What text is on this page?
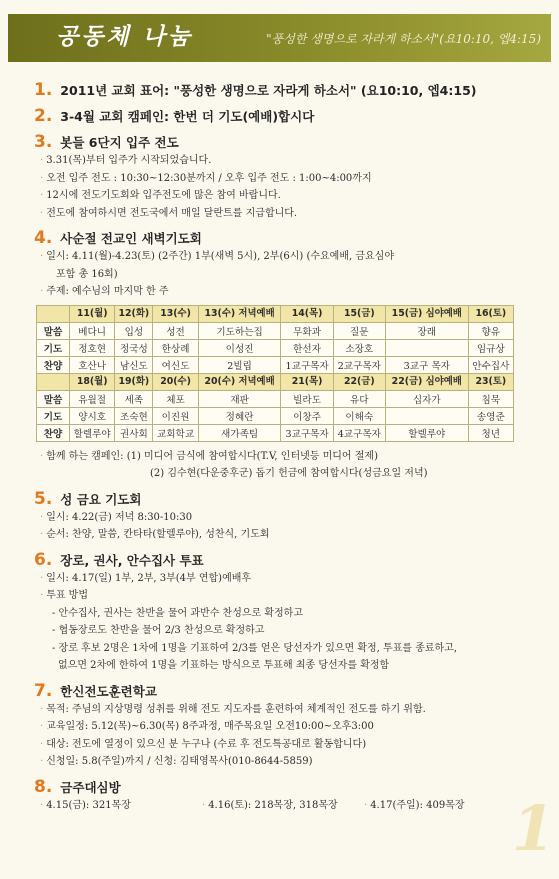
공동체 나눔	"풍성한 생명으로 자라게 하소서"(요10:10, 엡4:15)
1. 2011년 교회 표어: "풍성한 생명으로 자라게 하소서" (요10:10, 엡4:15)
2. 3-4월 교회 캠페인: 한번 더 기도(예배)합시다
3. 봇들 6단지 입주 전도
· 3.31(목)부터 입주가 시작되었습니다.
· 오전 입주 전도 : 10:30~12:30분까지 / 오후 입주 전도 : 1:00~4:00까지
· 12시에 전도기도회와 입주전도에 많은 참여 바랍니다.
· 전도에 참여하시면 전도국에서 매일 달란트를 지급합니다.
4. 사순절 전교인 새벽기도회
· 일시: 4.11(월)-4.23(토) (2주간) 1부(새벽 5시), 2부(6시) (수요예배, 금요심야
포함 총 16회)
· 주제: 예수님의 마지막 한 주
	11(월)	12(화)	13(수)	13(수) 저녁예배	14(목)	15(금)	15(금) 심야예배	16(토)
말씀	베다니	입성	성전	기도하는집	무화과	질문	장래	향유
기도	정호현	정국성	한상례	이성진	한선자	소장호		임규상
찬양	호산나	남신도	여신도	2빌립	1교구목자	2교구목자	3교구 목자	안수집사
	18(월)	19(화)	20(수)	20(수) 저녁예배	21(목)	22(금)	22(금) 심야예배	23(토)
말씀	유월절	세족	체포	재판	빌라도	유다	십자가	침묵
기도	양시호	조숙현	이진원	정혜란	이창주	이해숙		송영준
찬양	할렐루야	권사회	교회학교	새가족팀	3교구목자	4교구목자	할렐루야	청년
· 함께 하는 캠페인: (1) 미디어 금식에 참여합시다(T.V, 인터넷등 미디어 절제)
(2) 김수현(다운중후군) 돕기 헌금에 참여합시다(성금요일 저녁)
5. 성 금요 기도회
· 일시: 4.22(금) 저녁 8:30-10:30
· 순서: 찬양, 말씀, 칸타타(할렐루야), 성찬식, 기도회
6. 장로, 권사, 안수집사 투표
· 일시: 4.17(일) 1부, 2부, 3부(4부 연합)예배후
· 투표 방법
- 안수집사, 권사는 찬반을 물어 과반수 찬성으로 확정하고
- 협동장로도 찬반을 물어 2/3 찬성으로 확정하고
- 장로 후보 2명은 1차에 1명을 기표하여 2/3를 얻은 당선자가 있으면 확정, 투표를 종료하고,
없으면 2차에 한하여 1명을 기표하는 방식으로 투표해 최종 당선자를 확정함
7. 한신전도훈련학교
· 목적: 주님의 지상명령 성취를 위해 전도 지도자를 훈련하여 체계적인 전도를 하기 위함.
· 교육일정: 5.12(목)~6.30(목) 8주과정, 매주목요일 오전10:00~오후3:00
· 대상: 전도에 열정이 있으신 분 누구나 (수료 후 전도특공대로 활동합니다)
· 신청일: 5.8(주일)까지 / 신청: 김태영목사(010-8644-5859)
8. 금주대심방
· 4.15(금): 321목장	· 4.16(토): 218목장, 318목장	· 4.17(주일): 409목장 1
